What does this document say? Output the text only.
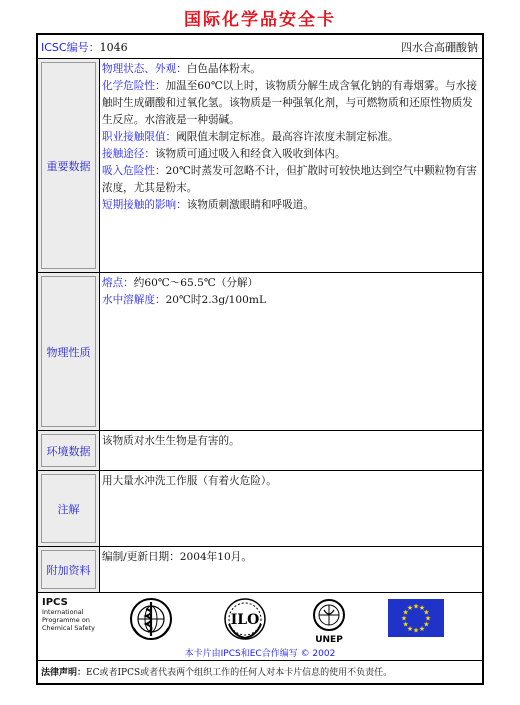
国际化学品安全卡
ICSC编号：1046	四水合高硼酸钠
重要数据

物理状态、外观：白色晶体粉末。

化学危险性：加温至60℃以上时，该物质分解生成含氧化钠的有毒烟雾。与水接触时生成硼酸和过氧化氢。该物质是一种强氧化剂，与可燃物质和还原性物质发生反应。水溶液是一种弱碱。

职业接触限值：阈限值未制定标准。最高容许浓度未制定标准。

接触途径：该物质可通过吸入和经食入吸收到体内。

吸入危险性：20℃时蒸发可忽略不计，但扩散时可较快地达到空气中颗粒物有害浓度，尤其是粉末。

短期接触的影响：该物质刺激眼睛和呼吸道。

物理性质

熔点：约60℃～65.5℃（分解）

水中溶解度：20℃时2.3g/100mL

环境数据

该物质对水生生物是有害的。

注解

用大量水冲洗工作服（有着火危险）。

附加资料

编制/更新日期：2004年10月。

IPCS
International
Programme on
Chemical Safety	ILO
UNEP
★
★
★
★
★
★
★
★
★ ★ ★
★
本卡片由IPCS和EC合作编写 © 2002
法律声明：EC或者IPCS或者代表两个组织工作的任何人对本卡片信息的使用不负责任。
